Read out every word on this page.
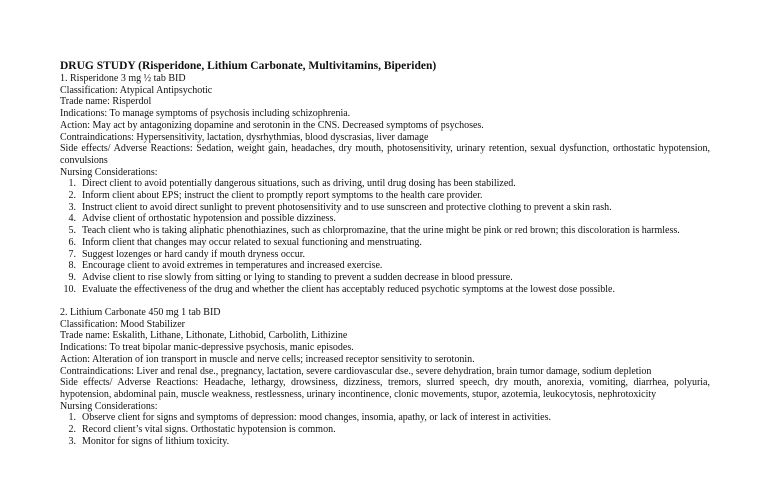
DRUG STUDY (Risperidone, Lithium Carbonate, Multivitamins, Biperiden)

1. Risperidone 3 mg ½ tab BID

Classification: Atypical Antipsychotic

Trade name: Risperdol

Indications: To manage symptoms of psychosis including schizophrenia.

Action: May act by antagonizing dopamine and serotonin in the CNS. Decreased symptoms of psychoses.

Contraindications: Hypersensitivity, lactation, dysrhythmias, blood dyscrasias, liver damage

Side effects/ Adverse Reactions: Sedation, weight gain, headaches, dry mouth, photosensitivity, urinary retention, sexual dysfunction, orthostatic hypotension, convulsions

Nursing Considerations:

1. Direct client to avoid potentially dangerous situations, such as driving, until drug dosing has been stabilized.
2. Inform client about EPS; instruct the client to promptly report symptoms to the health care provider.
3. Instruct client to avoid direct sunlight to prevent photosensitivity and to use sunscreen and protective clothing to prevent a skin rash.
4. Advise client of orthostatic hypotension and possible dizziness.
5. Teach client who is taking aliphatic phenothiazines, such as chlorpromazine, that the urine might be pink or red brown; this discoloration is harmless.
6. Inform client that changes may occur related to sexual functioning and menstruating.
7. Suggest lozenges or hard candy if mouth dryness occur.
8. Encourage client to avoid extremes in temperatures and increased exercise.
9. Advise client to rise slowly from sitting or lying to standing to prevent a sudden decrease in blood pressure.
10. Evaluate the effectiveness of the drug and whether the client has acceptably reduced psychotic symptoms at the lowest dose possible.

2. Lithium Carbonate 450 mg 1 tab BID

Classification: Mood Stabilizer

Trade name: Eskalith, Lithane, Lithonate, Lithobid, Carbolith, Lithizine

Indications: To treat bipolar manic-depressive psychosis, manic episodes.

Action: Alteration of ion transport in muscle and nerve cells; increased receptor sensitivity to serotonin.

Contraindications: Liver and renal dse., pregnancy, lactation, severe cardiovascular dse., severe dehydration, brain tumor damage, sodium depletion

Side effects/ Adverse Reactions: Headache, lethargy, drowsiness, dizziness, tremors, slurred speech, dry mouth, anorexia, vomiting, diarrhea, polyuria, hypotension, abdominal pain, muscle weakness, restlessness, urinary incontinence, clonic movements, stupor, azotemia, leukocytosis, nephrotoxicity

Nursing Considerations:

1. Observe client for signs and symptoms of depression: mood changes, insomia, apathy, or lack of interest in activities.
2. Record client’s vital signs. Orthostatic hypotension is common.
3. Monitor for signs of lithium toxicity.
